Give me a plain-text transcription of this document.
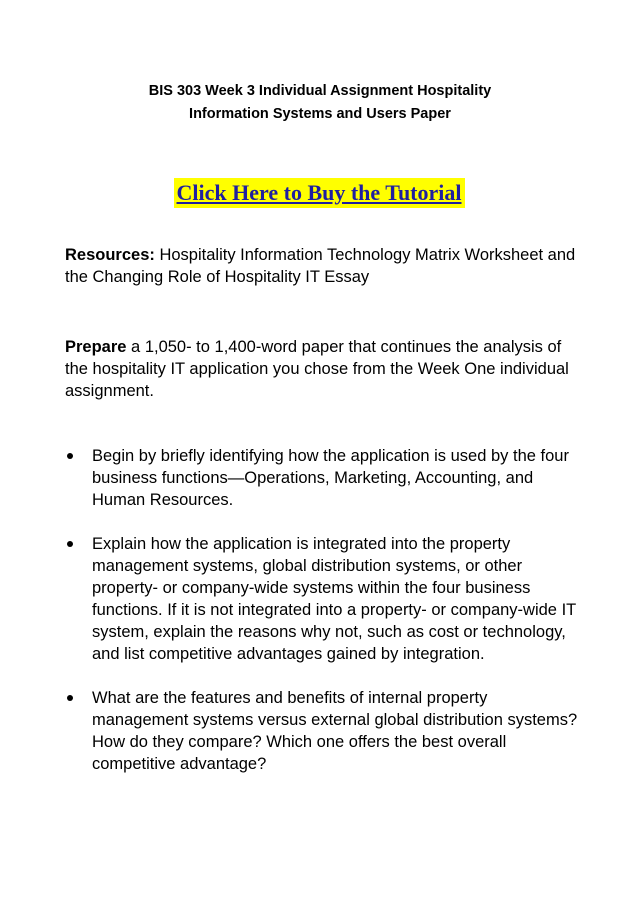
BIS 303 Week 3 Individual Assignment Hospitality
Information Systems and Users Paper
Click Here to Buy the Tutorial
Resources: Hospitality Information Technology Matrix Worksheet and the Changing Role of Hospitality IT Essay
Prepare a 1,050- to 1,400-word paper that continues the analysis of the hospitality IT application you chose from the Week One individual assignment.
Begin by briefly identifying how the application is used by the four business functions—Operations, Marketing, Accounting, and Human Resources.
Explain how the application is integrated into the property management systems, global distribution systems, or other property- or company-wide systems within the four business functions. If it is not integrated into a property- or company-wide IT system, explain the reasons why not, such as cost or technology, and list competitive advantages gained by integration.
What are the features and benefits of internal property management systems versus external global distribution systems? How do they compare? Which one offers the best overall competitive advantage?
